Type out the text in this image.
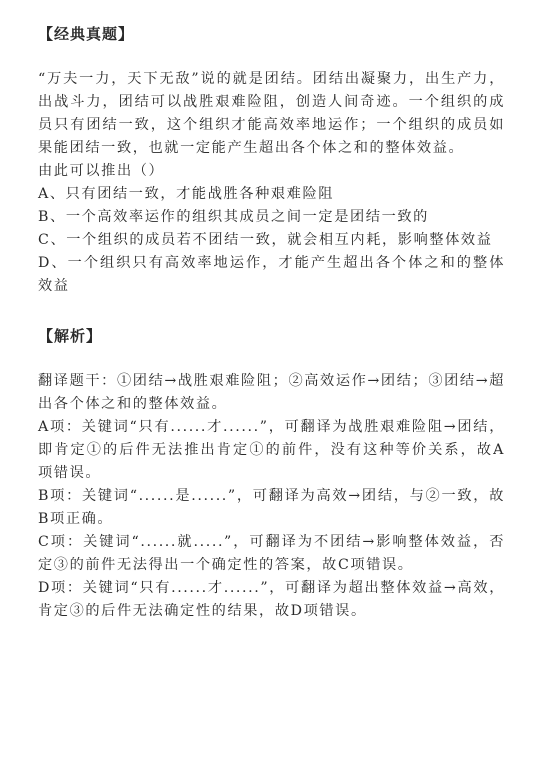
【经典真题】

“万夫一力，天下无敌”说的就是团结。团结出凝聚力，出生产力，出战斗力，团结可以战胜艰难险阻，创造人间奇迹。一个组织的成员只有团结一致，这个组织才能高效率地运作；一个组织的成员如果能团结一致，也就一定能产生超出各个体之和的整体效益。

由此可以推出（）

A、只有团结一致，才能战胜各种艰难险阻

B、一个高效率运作的组织其成员之间一定是团结一致的

C、一个组织的成员若不团结一致，就会相互内耗，影响整体效益

D、一个组织只有高效率地运作，才能产生超出各个体之和的整体效益

【解析】

翻译题干：①团结→战胜艰难险阻；②高效运作→团结；③团结→超出各个体之和的整体效益。

A项：关键词“只有......才......”，可翻译为战胜艰难险阻→团结，即肯定①的后件无法推出肯定①的前件，没有这种等价关系，故A项错误。

B项：关键词“......是......”，可翻译为高效→团结，与②一致，故B项正确。

C项：关键词“......就.....”，可翻译为不团结→影响整体效益，否定③的前件无法得出一个确定性的答案，故C项错误。

D项：关键词“只有......才......”，可翻译为超出整体效益→高效，肯定③的后件无法确定性的结果，故D项错误。
